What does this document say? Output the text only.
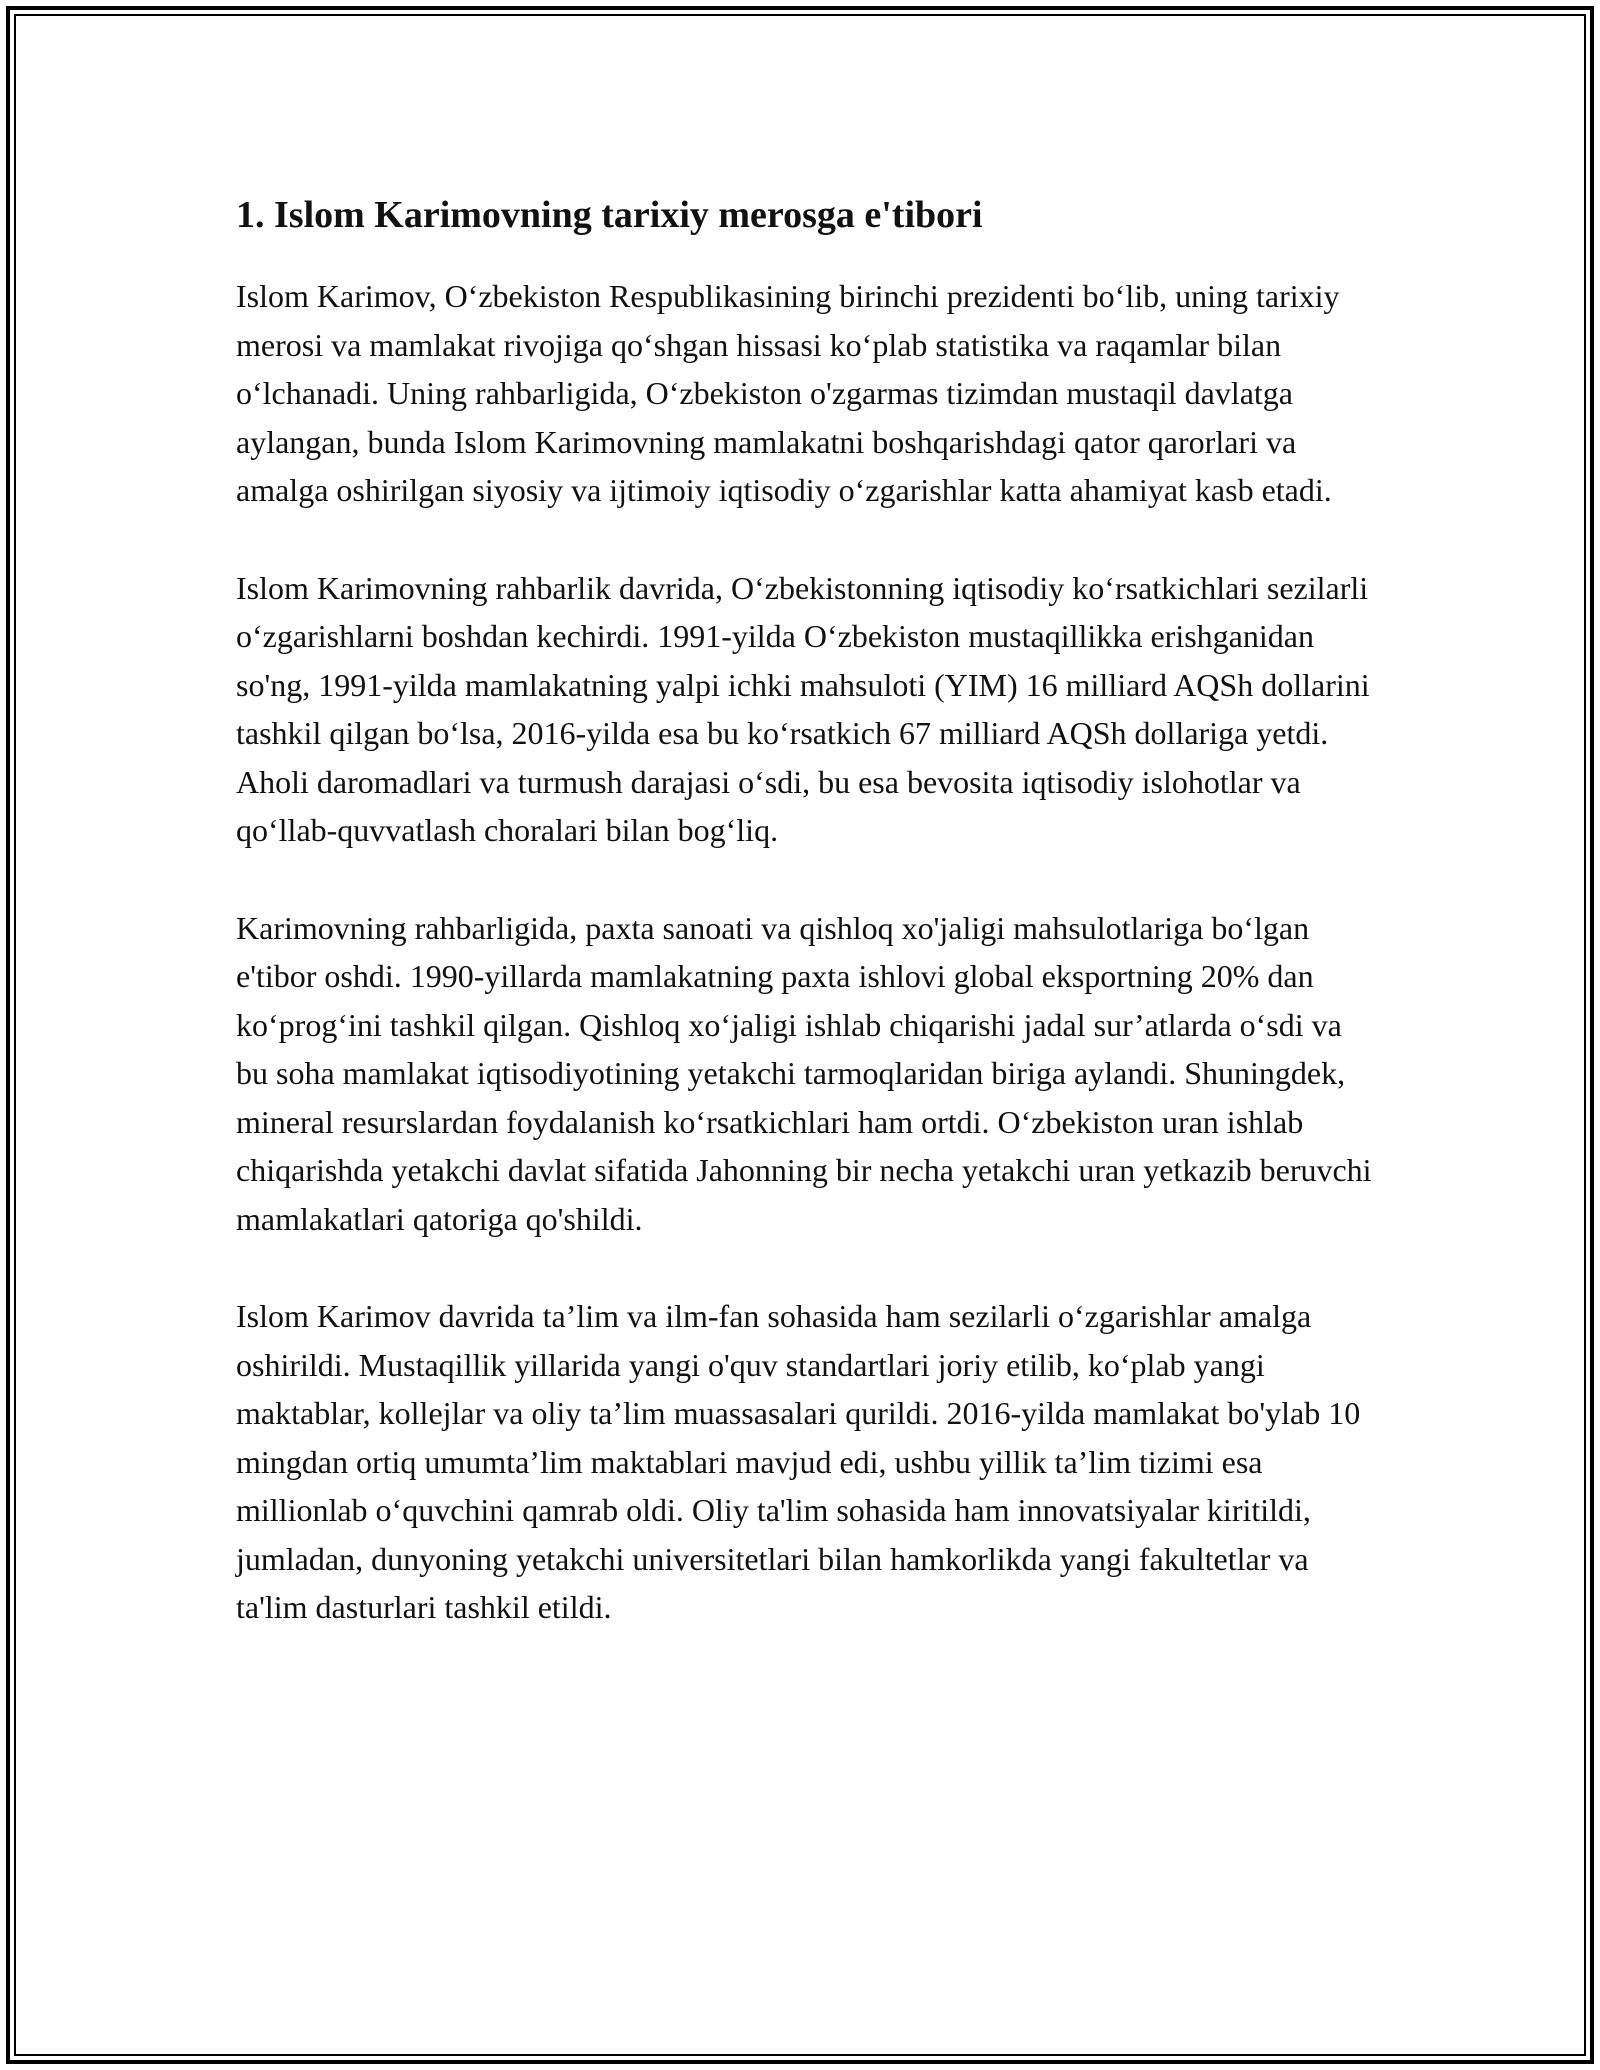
1. Islom Karimovning tarixiy merosga e'tibori

Islom Karimov, O‘zbekiston Respublikasining birinchi prezidenti bo‘lib, uning tarixiy merosi va mamlakat rivojiga qo‘shgan hissasi ko‘plab statistika va raqamlar bilan o‘lchanadi. Uning rahbarligida, O‘zbekiston o'zgarmas tizimdan mustaqil davlatga aylangan, bunda Islom Karimovning mamlakatni boshqarishdagi qator qarorlari va amalga oshirilgan siyosiy va ijtimoiy iqtisodiy o‘zgarishlar katta ahamiyat kasb etadi.

Islom Karimovning rahbarlik davrida, O‘zbekistonning iqtisodiy ko‘rsatkichlari sezilarli o‘zgarishlarni boshdan kechirdi. 1991-yilda O‘zbekiston mustaqillikka erishganidan so'ng, 1991-yilda mamlakatning yalpi ichki mahsuloti (YIM) 16 milliard AQSh dollarini tashkil qilgan bo‘lsa, 2016-yilda esa bu ko‘rsatkich 67 milliard AQSh dollariga yetdi. Aholi daromadlari va turmush darajasi o‘sdi, bu esa bevosita iqtisodiy islohotlar va qo‘llab-quvvatlash choralari bilan bog‘liq.

Karimovning rahbarligida, paxta sanoati va qishloq xo'jaligi mahsulotlariga bo‘lgan e'tibor oshdi. 1990-yillarda mamlakatning paxta ishlovi global eksportning 20% dan ko‘prog‘ini tashkil qilgan. Qishloq xo‘jaligi ishlab chiqarishi jadal sur’atlarda o‘sdi va bu soha mamlakat iqtisodiyotining yetakchi tarmoqlaridan biriga aylandi. Shuningdek, mineral resurslardan foydalanish ko‘rsatkichlari ham ortdi. O‘zbekiston uran ishlab chiqarishda yetakchi davlat sifatida Jahonning bir necha yetakchi uran yetkazib beruvchi mamlakatlari qatoriga qo'shildi.

Islom Karimov davrida ta’lim va ilm-fan sohasida ham sezilarli o‘zgarishlar amalga oshirildi. Mustaqillik yillarida yangi o'quv standartlari joriy etilib, ko‘plab yangi maktablar, kollejlar va oliy ta’lim muassasalari qurildi. 2016-yilda mamlakat bo'ylab 10 mingdan ortiq umumta’lim maktablari mavjud edi, ushbu yillik ta’lim tizimi esa millionlab o‘quvchini qamrab oldi. Oliy ta'lim sohasida ham innovatsiyalar kiritildi, jumladan, dunyoning yetakchi universitetlari bilan hamkorlikda yangi fakultetlar va ta'lim dasturlari tashkil etildi.
